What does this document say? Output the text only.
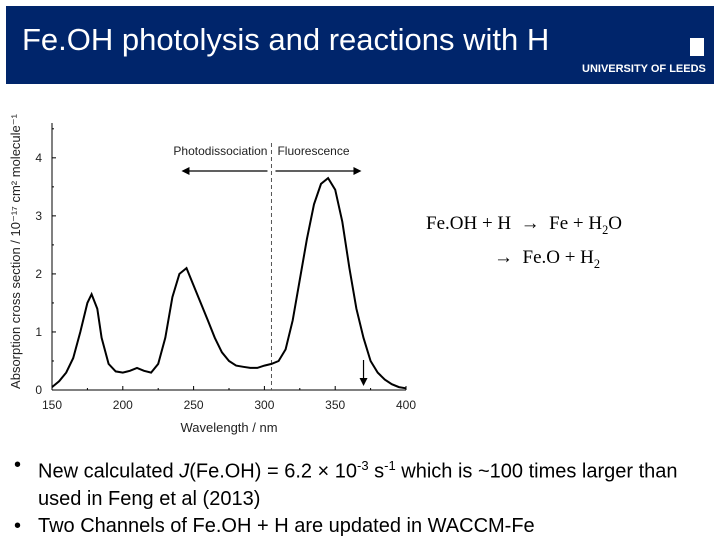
Fe.OH photolysis and reactions with H
UNIVERSITY OF LEEDS
150	200	250	300	350	400
0
1
2
3
4	Photodissociation Fluorescence
Wavelength / nm
Absorption cross section / 10⁻¹⁷ cm² molecule⁻¹	$Fe.OH + H \to Fe + H_2O$
→ $Fe.O + H_2$
• New calculated $J(Fe.OH) = 6.2 \times 10^{-3}$ $s^{-1}$ which is ~100 times larger than used in Feng et al (2013)
• Two Channels of Fe.OH + H are updated in WACCM-Fe
